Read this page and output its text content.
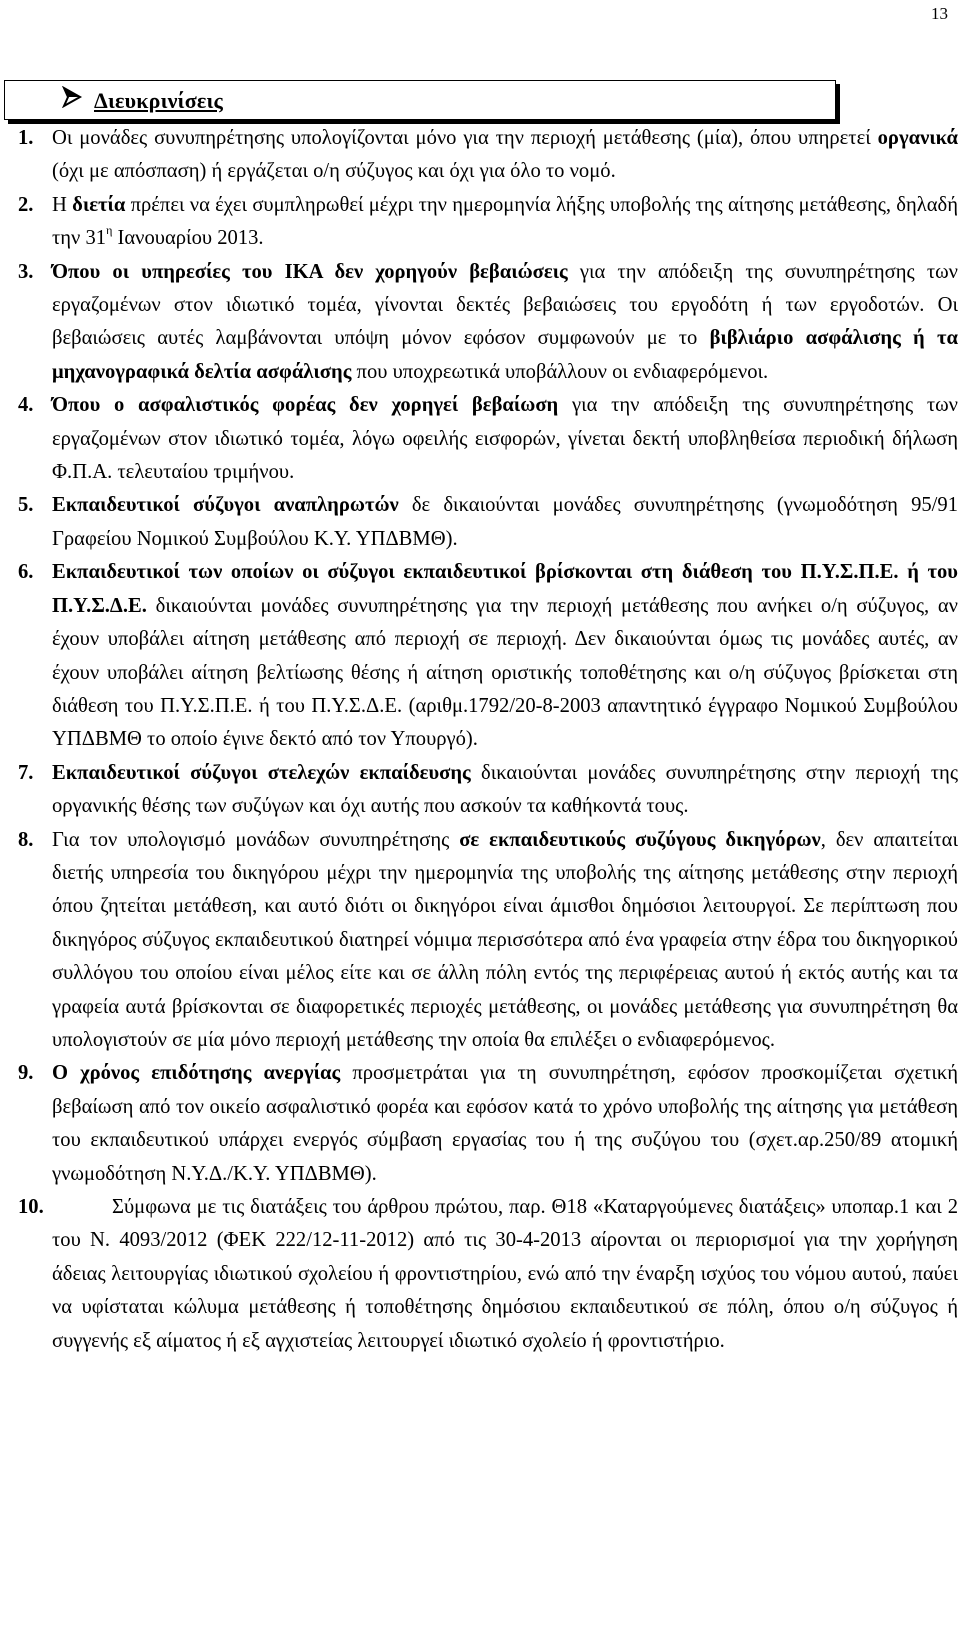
13
Διευκρινίσεις

1. Οι μονάδες συνυπηρέτησης υπολογίζονται μόνο για την περιοχή μετάθεσης (μία), όπου υπηρετεί οργανικά (όχι με απόσπαση) ή εργάζεται ο/η σύζυγος και όχι για όλο το νομό.

2. Η διετία πρέπει να έχει συμπληρωθεί μέχρι την ημερομηνία λήξης υποβολής της αίτησης μετάθεσης, δηλαδή την $31^\eta$ Ιανουαρίου 2013.

3. Όπου οι υπηρεσίες του ΙΚΑ δεν χορηγούν βεβαιώσεις για την απόδειξη της συνυπηρέτησης των εργαζομένων στον ιδιωτικό τομέα, γίνονται δεκτές βεβαιώσεις του εργοδότη ή των εργοδοτών. Οι βεβαιώσεις αυτές λαμβάνονται υπόψη μόνον εφόσον συμφωνούν με το βιβλιάριο ασφάλισης ή τα μηχανογραφικά δελτία ασφάλισης που υποχρεωτικά υποβάλλουν οι ενδιαφερόμενοι.

4. Όπου ο ασφαλιστικός φορέας δεν χορηγεί βεβαίωση για την απόδειξη της συνυπηρέτησης των εργαζομένων στον ιδιωτικό τομέα, λόγω οφειλής εισφορών, γίνεται δεκτή υποβληθείσα περιοδική δήλωση Φ.Π.Α. τελευταίου τριμήνου.

5. Εκπαιδευτικοί σύζυγοι αναπληρωτών δε δικαιούνται μονάδες συνυπηρέτησης (γνωμοδότηση 95/91 Γραφείου Νομικού Συμβούλου Κ.Υ. ΥΠΔΒΜΘ).

6. Εκπαιδευτικοί των οποίων οι σύζυγοι εκπαιδευτικοί βρίσκονται στη διάθεση του Π.Υ.Σ.Π.Ε. ή του Π.Υ.Σ.Δ.Ε. δικαιούνται μονάδες συνυπηρέτησης για την περιοχή μετάθεσης που ανήκει ο/η σύζυγος, αν έχουν υποβάλει αίτηση μετάθεσης από περιοχή σε περιοχή. Δεν δικαιούνται όμως τις μονάδες αυτές, αν έχουν υποβάλει αίτηση βελτίωσης θέσης ή αίτηση οριστικής τοποθέτησης και ο/η σύζυγος βρίσκεται στη διάθεση του Π.Υ.Σ.Π.Ε. ή του Π.Υ.Σ.Δ.Ε. (αριθμ.1792/20-8-2003 απαντητικό έγγραφο Νομικού Συμβούλου ΥΠΔΒΜΘ το οποίο έγινε δεκτό από τον Υπουργό).

7. Εκπαιδευτικοί σύζυγοι στελεχών εκπαίδευσης δικαιούνται μονάδες συνυπηρέτησης στην περιοχή της οργανικής θέσης των συζύγων και όχι αυτής που ασκούν τα καθήκοντά τους.

8. Για τον υπολογισμό μονάδων συνυπηρέτησης σε εκπαιδευτικούς συζύγους δικηγόρων, δεν απαιτείται διετής υπηρεσία του δικηγόρου μέχρι την ημερομηνία της υποβολής της αίτησης μετάθεσης στην περιοχή όπου ζητείται μετάθεση, και αυτό διότι οι δικηγόροι είναι άμισθοι δημόσιοι λειτουργοί. Σε περίπτωση που δικηγόρος σύζυγος εκπαιδευτικού διατηρεί νόμιμα περισσότερα από ένα γραφεία στην έδρα του δικηγορικού συλλόγου του οποίου είναι μέλος είτε και σε άλλη πόλη εντός της περιφέρειας αυτού ή εκτός αυτής και τα γραφεία αυτά βρίσκονται σε διαφορετικές περιοχές μετάθεσης, οι μονάδες μετάθεσης για συνυπηρέτηση θα υπολογιστούν σε μία μόνο περιοχή μετάθεσης την οποία θα επιλέξει ο ενδιαφερόμενος.

9. Ο χρόνος επιδότησης ανεργίας προσμετράται για τη συνυπηρέτηση, εφόσον προσκομίζεται σχετική βεβαίωση από τον οικείο ασφαλιστικό φορέα και εφόσον κατά το χρόνο υποβολής της αίτησης για μετάθεση του εκπαιδευτικού υπάρχει ενεργός σύμβαση εργασίας του ή της συζύγου του (σχετ.αρ.250/89 ατομική γνωμοδότηση Ν.Υ.Δ./Κ.Υ. ΥΠΔΒΜΘ).

10.	Σύμφωνα με τις διατάξεις του άρθρου πρώτου, παρ. Θ18 «Καταργούμενες διατάξεις» υποπαρ.1 και 2 του Ν. 4093/2012 (ΦΕΚ 222/12-11-2012) από τις 30-4-2013 αίρονται οι περιορισμοί για την χορήγηση άδειας λειτουργίας ιδιωτικού σχολείου ή φροντιστηρίου, ενώ από την έναρξη ισχύος του νόμου αυτού, παύει να υφίσταται κώλυμα μετάθεσης ή τοποθέτησης δημόσιου εκπαιδευτικού σε πόλη, όπου ο/η σύζυγος ή συγγενής εξ αίματος ή εξ αγχιστείας λειτουργεί ιδιωτικό σχολείο ή φροντιστήριο.
